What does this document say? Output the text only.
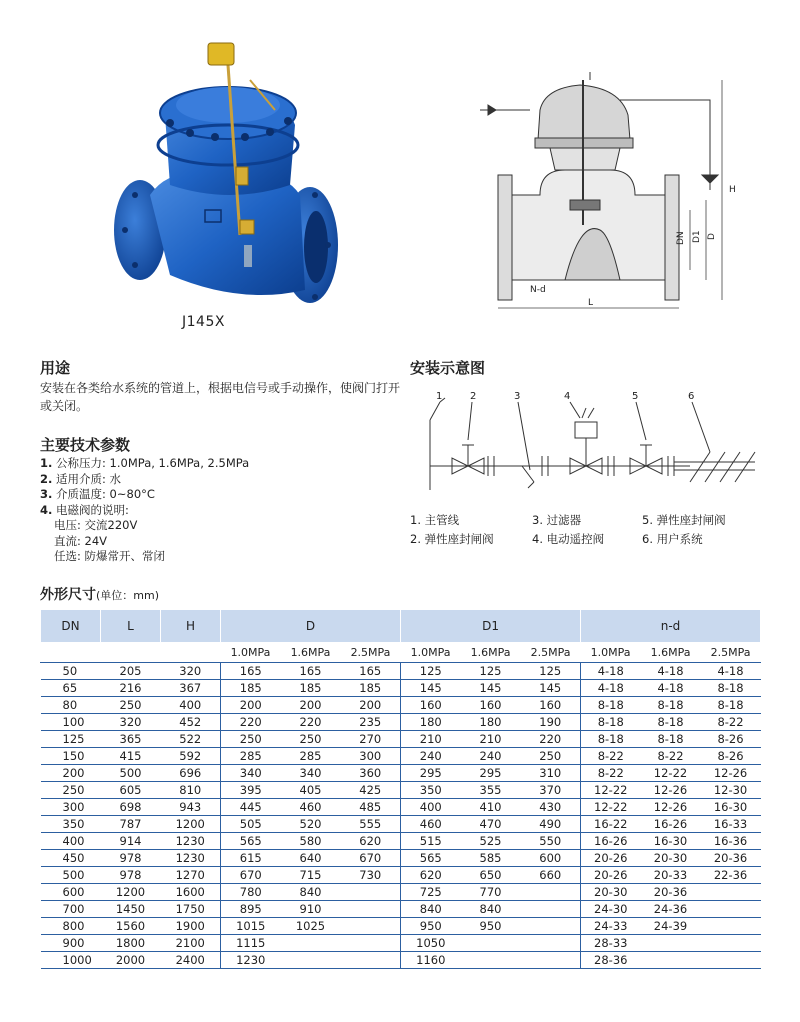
J145X
H
DN D1 D
N-d
L
用途
安装在各类给水系统的管道上，根据电信号或手动操作，使阀门打开或关闭。
主要技术参数
1. 公称压力: 1.0MPa, 1.6MPa, 2.5MPa
2. 适用介质: 水
3. 介质温度: 0~80°C
4. 电磁阀的说明:
电压: 交流220V
直流: 24V
任选: 防爆常开、常闭
安装示意图
1	2	3	4	5	6
1. 主管线	3. 过滤器	5. 弹性座封闸阀
2. 弹性座封闸阀	4. 电动遥控阀	6. 用户系统
外形尺寸(单位：mm)
DN	L	H	D			D1			n-d		
			1.0MPa	1.6MPa	2.5MPa	1.0MPa	1.6MPa	2.5MPa	1.0MPa	1.6MPa	2.5MPa
50	205	320	165	165	165	125	125	125	4-18	4-18	4-18
65	216	367	185	185	185	145	145	145	4-18	4-18	8-18
80	250	400	200	200	200	160	160	160	8-18	8-18	8-18
100	320	452	220	220	235	180	180	190	8-18	8-18	8-22
125	365	522	250	250	270	210	210	220	8-18	8-18	8-26
150	415	592	285	285	300	240	240	250	8-22	8-22	8-26
200	500	696	340	340	360	295	295	310	8-22	12-22	12-26
250	605	810	395	405	425	350	355	370	12-22	12-26	12-30
300	698	943	445	460	485	400	410	430	12-22	12-26	16-30
350	787	1200	505	520	555	460	470	490	16-22	16-26	16-33
400	914	1230	565	580	620	515	525	550	16-26	16-30	16-36
450	978	1230	615	640	670	565	585	600	20-26	20-30	20-36
500	978	1270	670	715	730	620	650	660	20-26	20-33	22-36
600	1200	1600	780	840		725	770		20-30	20-36	
700	1450	1750	895	910		840	840		24-30	24-36	
800	1560	1900	1015	1025		950	950		24-33	24-39	
900	1800	2100	1115			1050			28-33		
1000	2000	2400	1230			1160			28-36		
